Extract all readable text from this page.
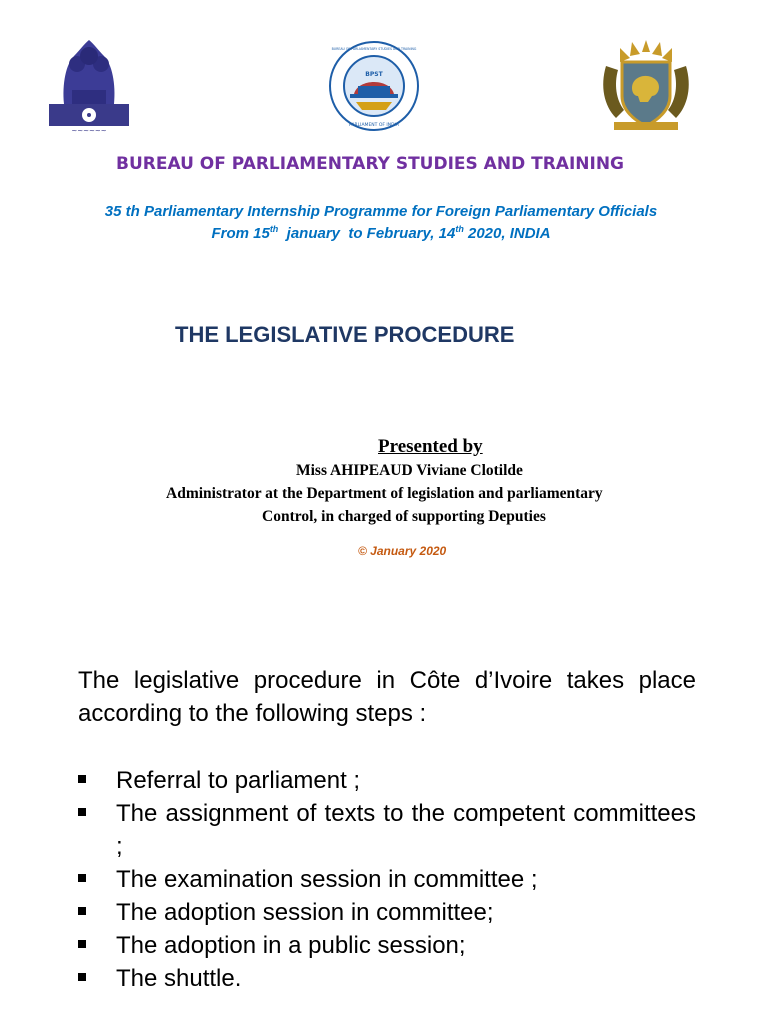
~~~~~~
BPST
PARLIAMENT OF INDIA
BUREAU OF PARLIAMENTARY STUDIES AND TRAINING
BUREAU OF PARLIAMENTARY STUDIES AND TRAINING
35 th Parliamentary Internship Programme for Foreign Parliamentary Officials
From 15th  january  to February, 14th 2020, INDIA
THE LEGISLATIVE PROCEDURE
Presented by
Miss AHIPEAUD Viviane Clotilde
Administrator at the Department of legislation and parliamentary
Control, in charged of supporting Deputies
© January 2020
The legislative procedure in Côte d’Ivoire takes place according to the following steps :
Referral to parliament ;
The assignment of texts to the competent committees ;
The examination session in committee ;
The adoption session in committee;
The adoption in a public session;
The shuttle.
